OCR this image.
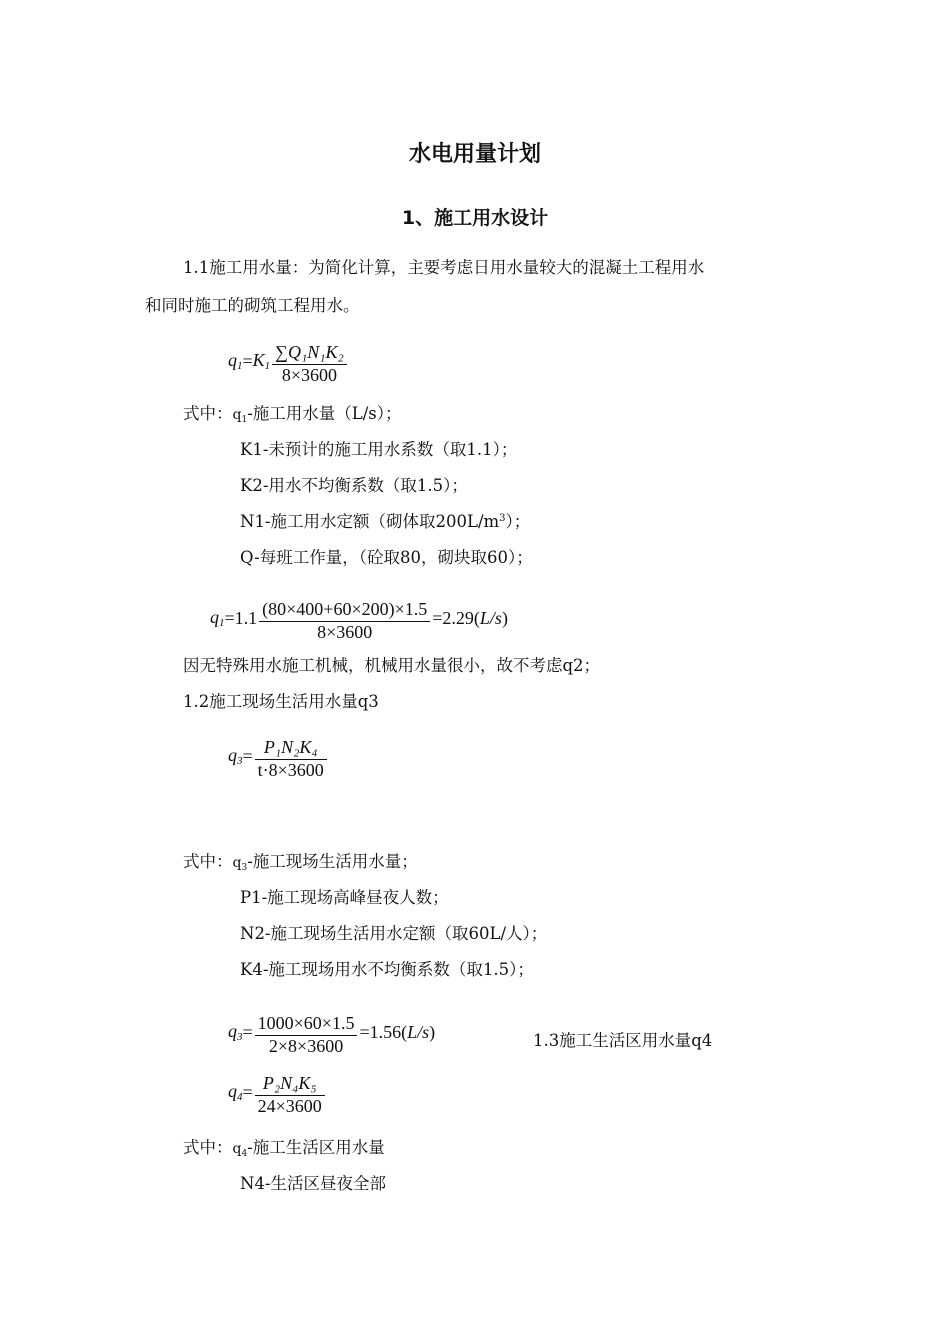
水电用量计划
1、施工用水设计
1.1施工用水量：为简化计算，主要考虑日用水量较大的混凝土工程用水
和同时施工的砌筑工程用水。
$q_1 = K_1 \frac{\text{∑Q₁N₁K₂}}{8\times 3600}$
式中：$q_1-$施工用水量（L/s）；
K1-未预计的施工用水系数（取1.1）；
K2-用水不均衡系数（取1.5）；
N1-施工用水定额（砌体取$200L/m^3$）；
Q-每班工作量，（砼取80，砌块取60）；
$q_1 = 1.1 \frac{(80\times 400+60\times 200)\times 1.5}{8\times 3600} = 2.29$ ( L/s )
因无特殊用水施工机械，机械用水量很小，故不考虑q2；
1.2施工现场生活用水量q3
$q_3 = \frac{\text{P₁N₂K₄}}{t\cdot 8\times 3600}$
式中：$q_3-$施工现场生活用水量；
P1-施工现场高峰昼夜人数；
N2-施工现场生活用水定额（取60L/人）；
K4-施工现场用水不均衡系数（取1.5）；
$q_3 = \frac{1000\times 60\times 1.5}{2\times 8\times 3600} = 1.56$ ( L/s )	1.3施工生活区用水量q4
$q_4 = \frac{\text{P₂N₄K₅}}{24\times 3600}$
式中：$q_4-$施工生活区用水量
N4-生活区昼夜全部
